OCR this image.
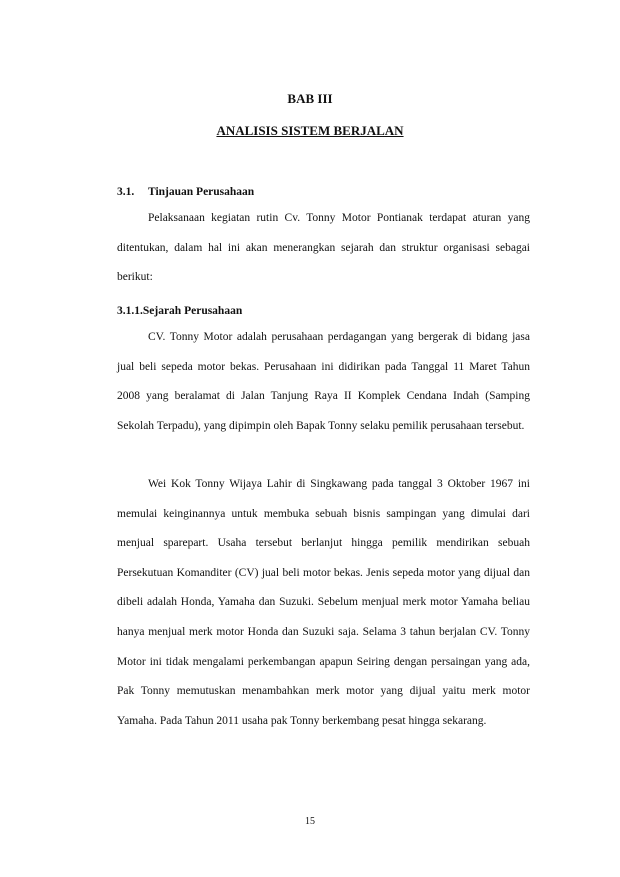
BAB III
ANALISIS SISTEM BERJALAN
3.1. Tinjauan Perusahaan

Pelaksanaan kegiatan rutin Cv. Tonny Motor Pontianak terdapat aturan yang ditentukan, dalam hal ini akan menerangkan sejarah dan struktur organisasi sebagai berikut:

3.1.1.Sejarah Perusahaan

CV. Tonny Motor adalah perusahaan perdagangan yang bergerak di bidang jasa jual beli sepeda motor bekas. Perusahaan ini didirikan pada Tanggal 11 Maret Tahun 2008 yang beralamat di Jalan Tanjung Raya II Komplek Cendana Indah (Samping Sekolah Terpadu), yang dipimpin oleh Bapak Tonny selaku pemilik perusahaan tersebut.

Wei Kok Tonny Wijaya Lahir di Singkawang pada tanggal 3 Oktober 1967 ini memulai keinginannya untuk membuka sebuah bisnis sampingan yang dimulai dari menjual sparepart. Usaha tersebut berlanjut hingga pemilik mendirikan sebuah Persekutuan Komanditer (CV) jual beli motor bekas. Jenis sepeda motor yang dijual dan dibeli adalah Honda, Yamaha dan Suzuki. Sebelum menjual merk motor Yamaha beliau hanya menjual merk motor Honda dan Suzuki saja. Selama 3 tahun berjalan CV. Tonny Motor ini tidak mengalami perkembangan apapun Seiring dengan persaingan yang ada, Pak Tonny memutuskan menambahkan merk motor yang dijual yaitu merk motor Yamaha. Pada Tahun 2011 usaha pak Tonny berkembang pesat hingga sekarang.

15
